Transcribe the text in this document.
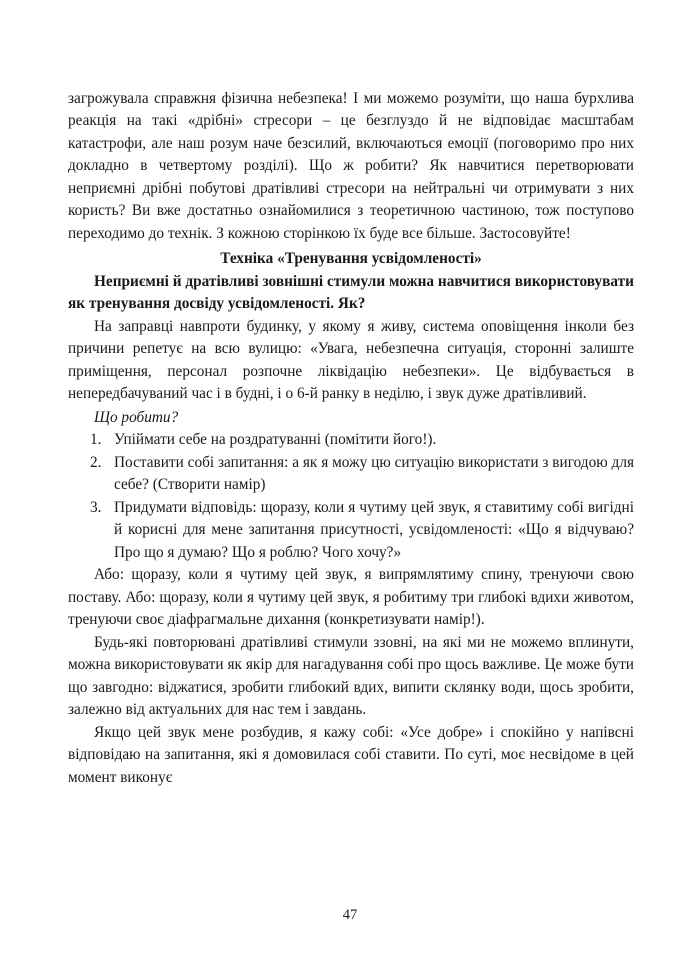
загрожувала справжня фізична небезпека! І ми можемо розуміти, що наша бурхлива реакція на такі «дрібні» стресори – це безглуздо й не відповідає масштабам катастрофи, але наш розум наче безсилий, включаються емоції (поговоримо про них докладно в четвертому розділі). Що ж робити? Як навчитися перетворювати неприємні дрібні побутові дратівливі стресори на нейтральні чи отримувати з них користь? Ви вже достатньо ознайомилися з теоретичною частиною, тож поступово переходимо до технік. З кожною сторінкою їх буде все більше. Застосовуйте!

Техніка «Тренування усвідомленості»

Неприємні й дратівливі зовнішні стимули можна навчитися використовувати як тренування досвіду усвідомленості. Як?

На заправці навпроти будинку, у якому я живу, система оповіщення інколи без причини репетує на всю вулицю: «Увага, небезпечна ситуація, сторонні залиште приміщення, персонал розпочне ліквідацію небезпеки». Це відбувається в непередбачуваний час і в будні, і о 6-й ранку в неділю, і звук дуже дратівливий.

Що робити?

1. Упіймати себе на роздратуванні (помітити його!).
2. Поставити собі запитання: а як я можу цю ситуацію використати з вигодою для себе? (Створити намір)
3. Придумати відповідь: щоразу, коли я чутиму цей звук, я ставитиму собі вигідні й корисні для мене запитання присутності, усвідомленості: «Що я відчуваю? Про що я думаю? Що я роблю? Чого хочу?»

Або: щоразу, коли я чутиму цей звук, я випрямлятиму спину, тренуючи свою поставу. Або: щоразу, коли я чутиму цей звук, я робитиму три глибокі вдихи животом, тренуючи своє діафрагмальне дихання (конкретизувати намір!).

Будь-які повторювані дратівливі стимули ззовні, на які ми не можемо вплинути, можна використовувати як якір для нагадування собі про щось важливе. Це може бути що завгодно: віджатися, зробити глибокий вдих, випити склянку води, щось зробити, залежно від актуальних для нас тем і завдань.

Якщо цей звук мене розбудив, я кажу собі: «Усе добре» і спокійно у напівсні відповідаю на запитання, які я домовилася собі ставити. По суті, моє несвідоме в цей момент виконує

47
